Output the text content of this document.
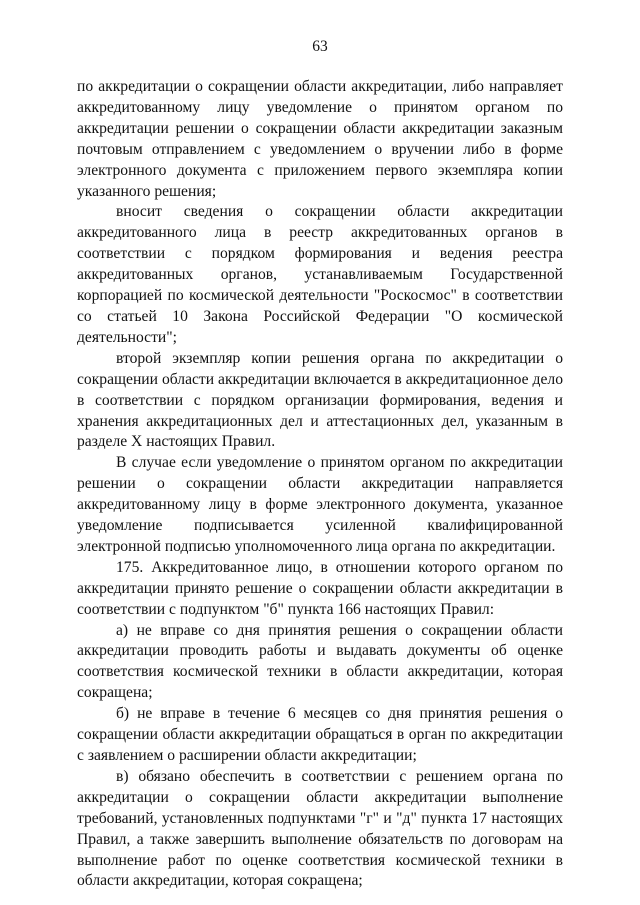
63

по аккредитации о сокращении области аккредитации, либо направляет аккредитованному лицу уведомление о принятом органом по аккредитации решении о сокращении области аккредитации заказным почтовым отправлением с уведомлением о вручении либо в форме электронного документа с приложением первого экземпляра копии указанного решения;

вносит сведения о сокращении области аккредитации аккредитованного лица в реестр аккредитованных органов в соответствии с порядком формирования и ведения реестра аккредитованных органов, устанавливаемым Государственной корпорацией по космической деятельности "Роскосмос" в соответствии со статьей 10 Закона Российской Федерации "О космической деятельности";

второй экземпляр копии решения органа по аккредитации о сокращении области аккредитации включается в аккредитационное дело в соответствии с порядком организации формирования, ведения и хранения аккредитационных дел и аттестационных дел, указанным в разделе X настоящих Правил.

В случае если уведомление о принятом органом по аккредитации решении о сокращении области аккредитации направляется аккредитованному лицу в форме электронного документа, указанное уведомление подписывается усиленной квалифицированной электронной подписью уполномоченного лица органа по аккредитации.

175. Аккредитованное лицо, в отношении которого органом по аккредитации принято решение о сокращении области аккредитации в соответствии с подпунктом "б" пункта 166 настоящих Правил:

а) не вправе со дня принятия решения о сокращении области аккредитации проводить работы и выдавать документы об оценке соответствия космической техники в области аккредитации, которая сокращена;

б) не вправе в течение 6 месяцев со дня принятия решения о сокращении области аккредитации обращаться в орган по аккредитации с заявлением о расширении области аккредитации;

в) обязано обеспечить в соответствии с решением органа по аккредитации о сокращении области аккредитации выполнение требований, установленных подпунктами "г" и "д" пункта 17 настоящих Правил, а также завершить выполнение обязательств по договорам на выполнение работ по оценке соответствия космической техники в области аккредитации, которая сокращена;
